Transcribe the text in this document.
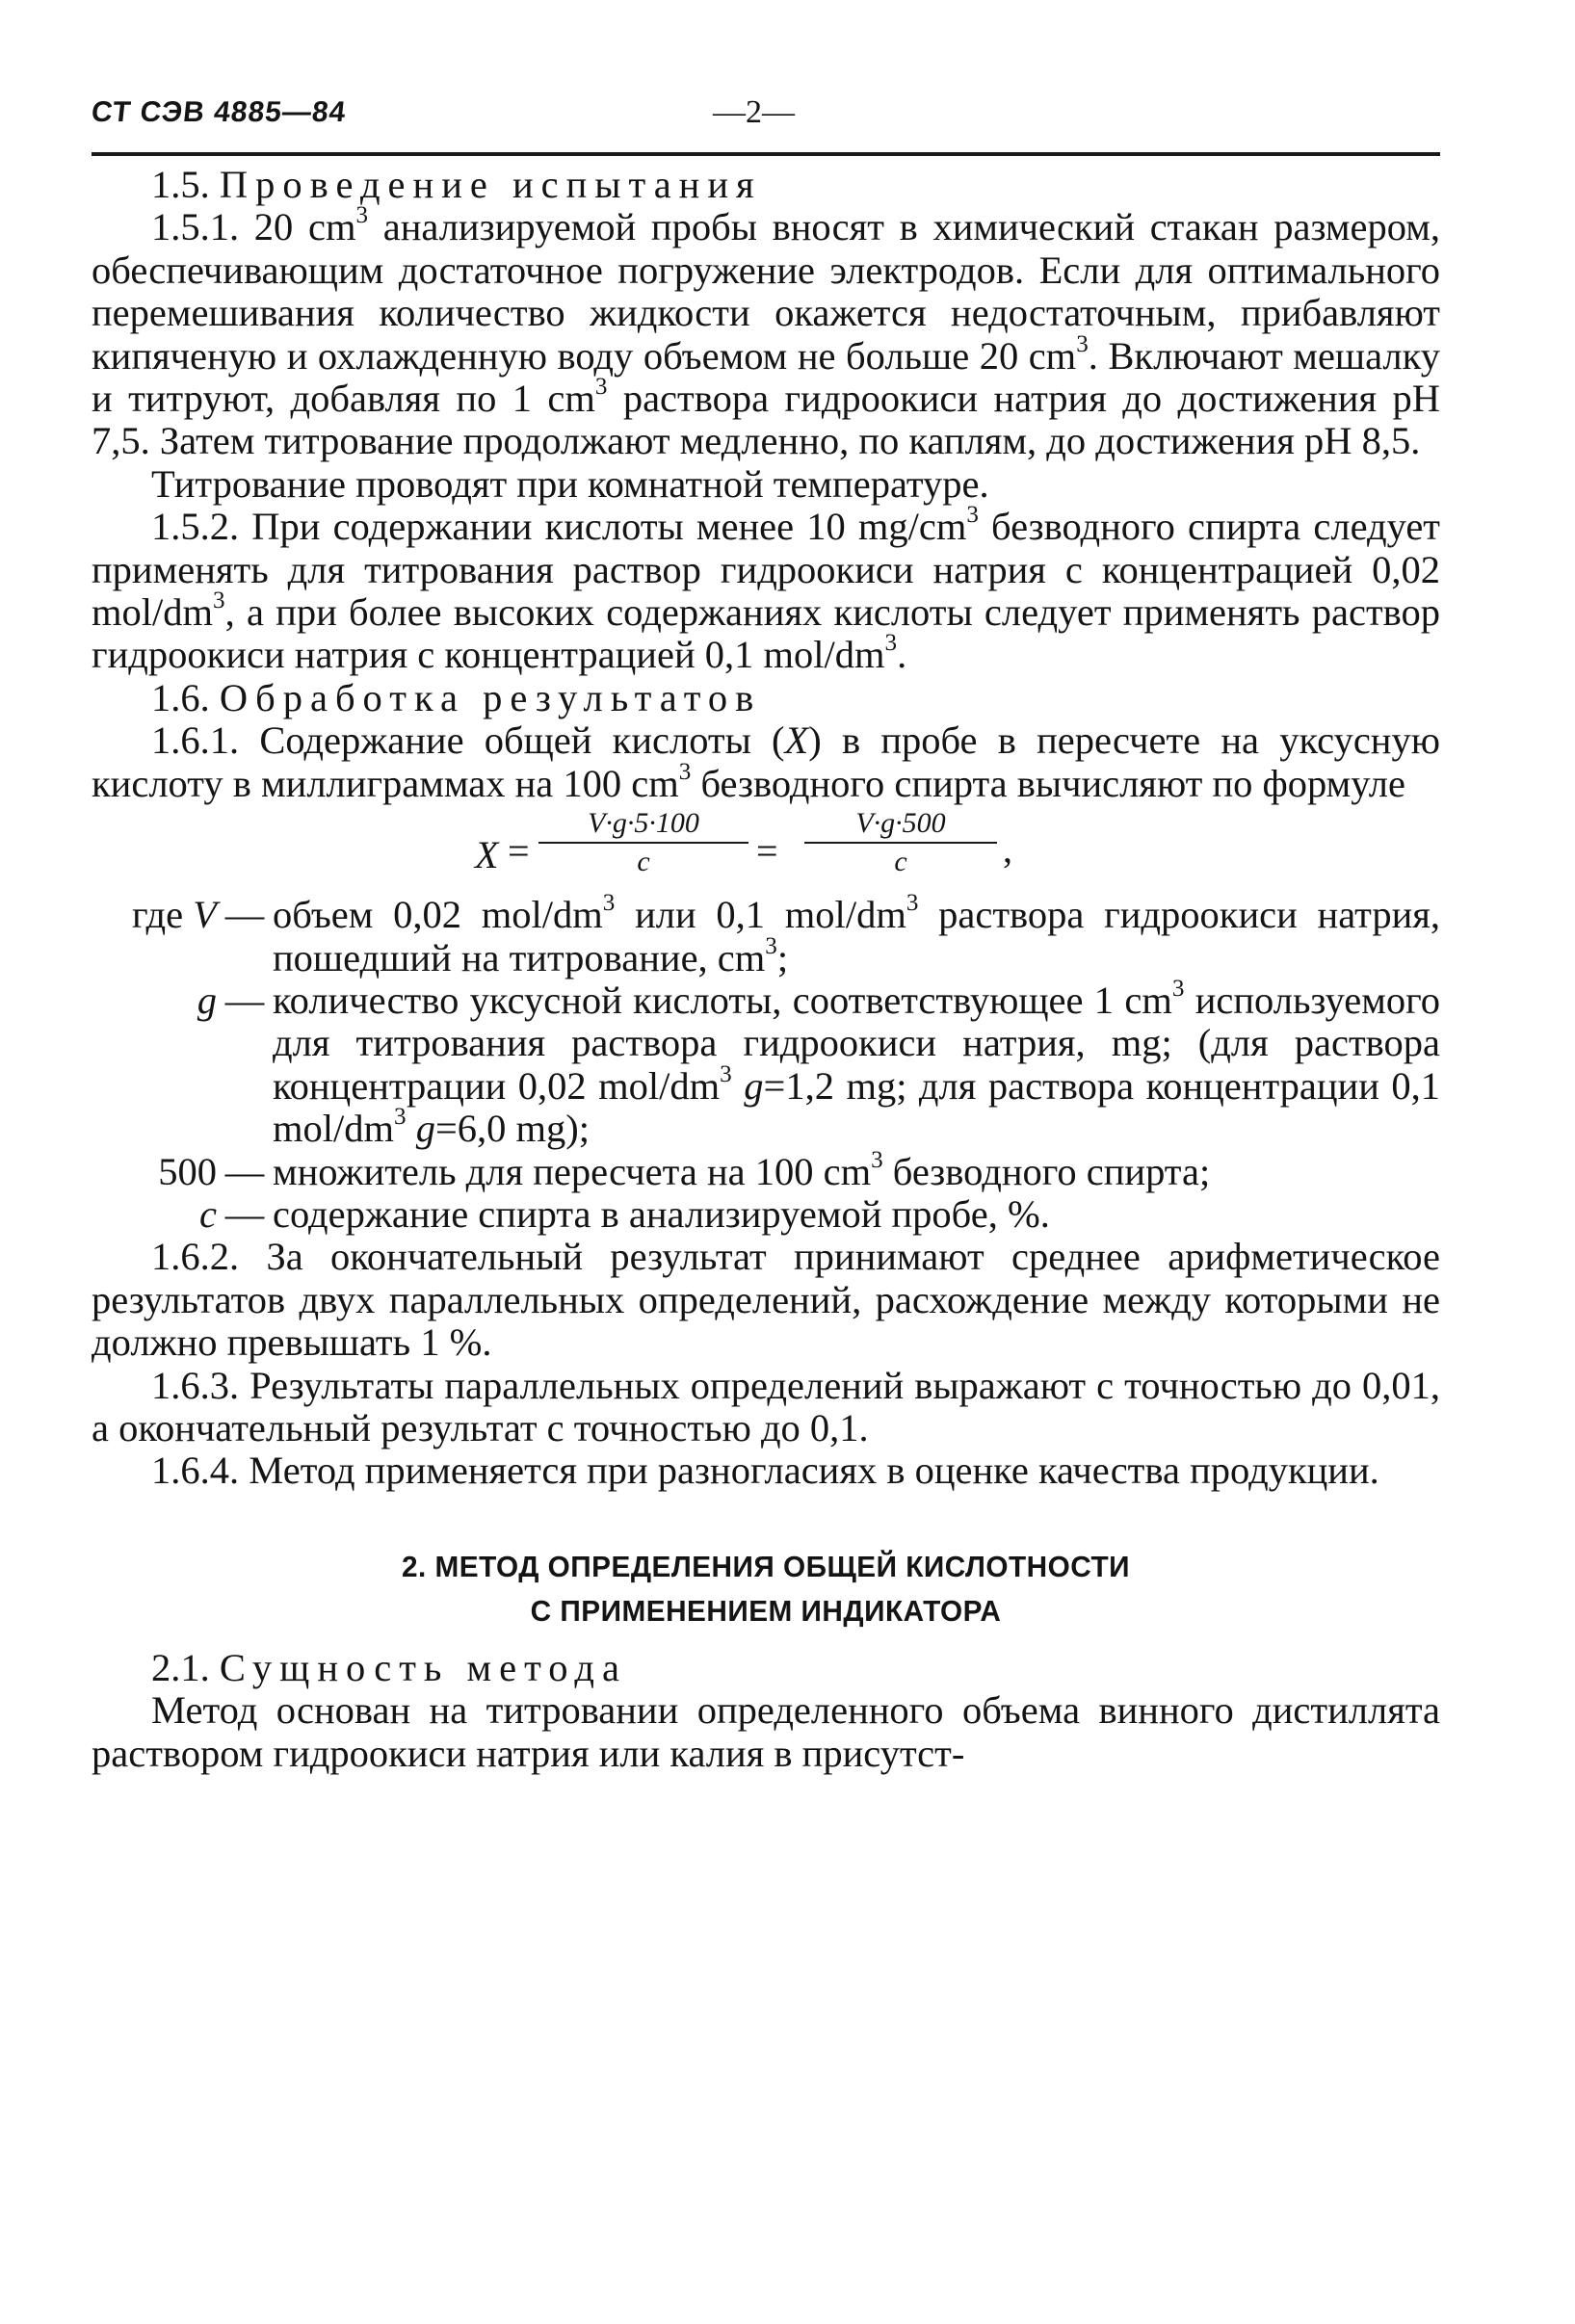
СТ СЭВ 4885—84	—2—

1.5. Проведение испытания

1.5.1. 20 $cm^3$ анализируемой пробы вносят в химический стакан размером, обеспечивающим достаточное погружение электродов. Если для оптимального перемешивания количество жидкости окажется недостаточным, прибавляют кипяченую и охлажденную воду объемом не больше 20 $cm^3$. Включают мешалку и титруют, добавляя по 1 $cm^3$ раствора гидроокиси натрия до достижения pH 7,5. Затем титрование продолжают медленно, по каплям, до достижения pH 8,5.

Титрование проводят при комнатной температуре.

1.5.2. При содержании кислоты менее 10 $mg/cm^3$ безводного спирта следует применять для титрования раствор гидроокиси натрия с концентрацией 0,02 mol/$dm^3$, а при более высоких содержаниях кислоты следует применять раствор гидроокиси натрия с концентрацией 0,1 mol/$dm^3$.

1.6. Обработка результатов

1.6.1. Содержание общей кислоты (X) в пробе в пересчете на уксусную кислоту в миллиграммах на 100 $cm^3$ безводного спирта вычисляют по формуле

X =
V·g·5·100
c	=
V·g·500
c	,
где V — объем 0,02 mol/$dm^3$ или 0,1 mol/$dm^3$ раствора гидроокиси натрия, пошедший на титрование, $cm^3$;
g — количество уксусной кислоты, соответствующее 1 $cm^3$ используемого для титрования раствора гидроокиси натрия, mg; (для раствора концентрации 0,02 mol/$dm^3$ g=1,2 mg; для раствора концентрации 0,1 mol/$dm^3$ g=6,0 mg);
500 — множитель для пересчета на 100 $cm^3$ безводного спирта;
c — содержание спирта в анализируемой пробе, %.

1.6.2. За окончательный результат принимают среднее арифметическое результатов двух параллельных определений, расхождение между которыми не должно превышать 1 %.

1.6.3. Результаты параллельных определений выражают с точностью до 0,01, а окончательный результат с точностью до 0,1.

1.6.4. Метод применяется при разногласиях в оценке качества продукции.

2. МЕТОД ОПРЕДЕЛЕНИЯ ОБЩЕЙ КИСЛОТНОСТИ
С ПРИМЕНЕНИЕМ ИНДИКАТОРА

2.1. Сущность метода

Метод основан на титровании определенного объема винного дистиллята раствором гидроокиси натрия или калия в присутст-
